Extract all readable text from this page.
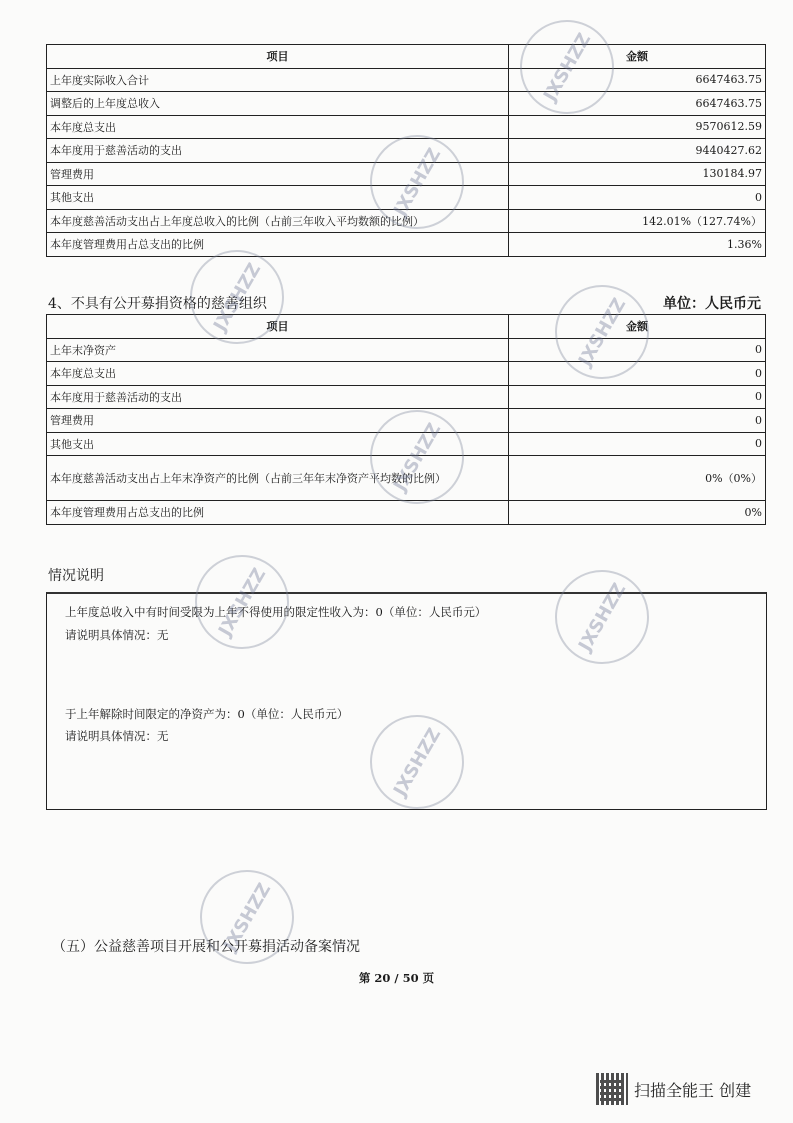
项目	金额
上年度实际收入合计	6647463.75
调整后的上年度总收入	6647463.75
本年度总支出	9570612.59
本年度用于慈善活动的支出	9440427.62
管理费用	130184.97
其他支出	0
本年度慈善活动支出占上年度总收入的比例（占前三年收入平均数额的比例）	142.01%（127.74%）
本年度管理费用占总支出的比例	1.36%
4、不具有公开募捐资格的慈善组织	单位：人民币元
项目	金额
上年末净资产	0
本年度总支出	0
本年度用于慈善活动的支出	0
管理费用	0
其他支出	0
本年度慈善活动支出占上年末净资产的比例（占前三年年末净资产平均数的比例）	0%（0%）
本年度管理费用占总支出的比例	0%
情况说明

上年度总收入中有时间受限为上年不得使用的限定性收入为：0（单位：人民币元）

请说明具体情况：无

于上年解除时间限定的净资产为：0（单位：人民币元）

请说明具体情况：无

（五）公益慈善项目开展和公开募捐活动备案情况
第 20 / 50 页
扫描全能王 创建
JXSHZZ
JXSHZZ
JXSHZZ	JXSHZZ
JXSHZZ
JXSHZZ	JXSHZZ
JXSHZZ
JXSHZZ
